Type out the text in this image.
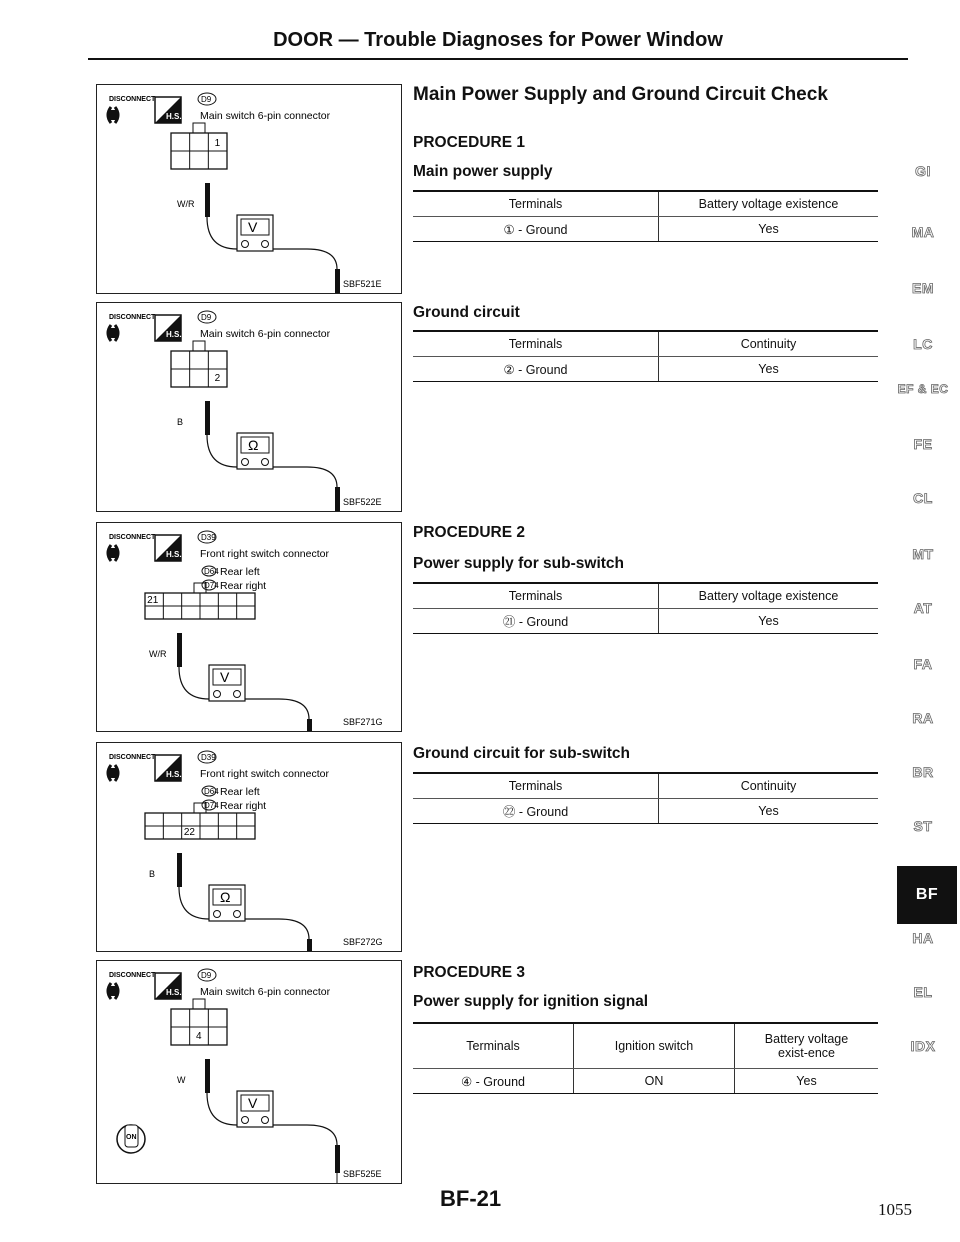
DOOR — Trouble Diagnoses for Power Window
DISCONNECT
H.S.
D9
Main switch 6-pin connector
1
W/R
V
SBF521E
DISCONNECT
H.S.
D9
Main switch 6-pin connector
2
B
Ω
SBF522E
DISCONNECT
H.S.
D39
Front right switch connector
D64 Rear left
D74 Rear right
21
W/R
V
SBF271G
DISCONNECT
H.S.
D39
Front right switch connector
D64 Rear left
D74 Rear right
22
B
Ω
SBF272G
DISCONNECT
H.S.
D9
Main switch 6-pin connector
4
W
V
SBF525E
ON
Main Power Supply and Ground Circuit Check
PROCEDURE 1
Main power supply
Terminals	Battery voltage existence
① - Ground	Yes
Ground circuit
Terminals	Continuity
② - Ground	Yes
PROCEDURE 2
Power supply for sub-switch
Terminals	Battery voltage existence
㉑ - Ground	Yes
Ground circuit for sub-switch
Terminals	Continuity
㉒ - Ground	Yes
PROCEDURE 3
Power supply for ignition signal
Terminals	Ignition switch	Battery voltage exist-ence
④ - Ground	ON	Yes
GI
MA
EM
LC
EF & EC
FE
CL
MT
AT
FA
RA
BR
ST
BF
HA
EL
IDX
BF-21	1055
